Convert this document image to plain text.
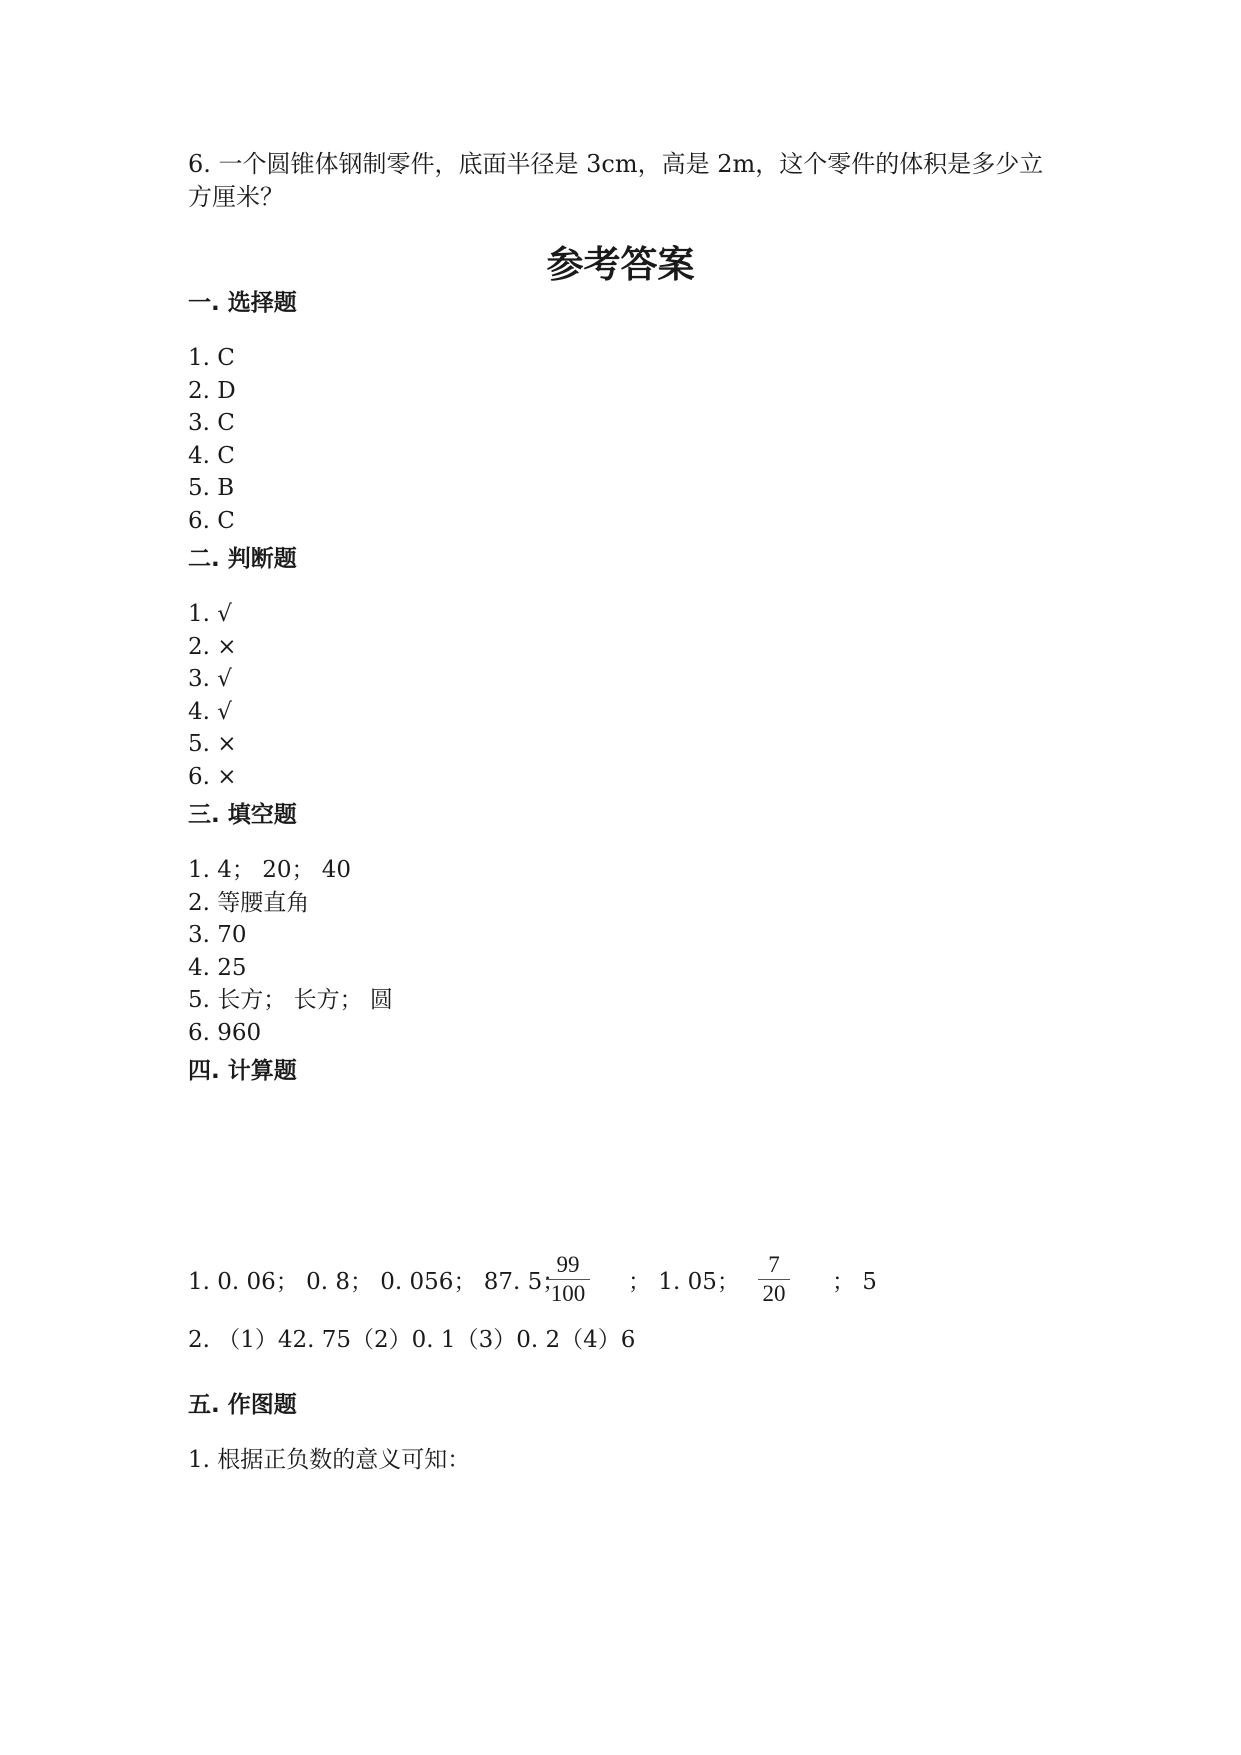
6. 一个圆锥体钢制零件，底面半径是 3cm，高是 2m，这个零件的体积是多少立
方厘米？
参考答案
一. 选择题
1. C
2. D
3. C
4. C
5. B
6. C
二. 判断题
1. √
2. ×
3. √
4. √
5. ×
6. ×
三. 填空题
1. 4； 20； 40
2. 等腰直角
3. 70
4. 25
5. 长方； 长方； 圆
6. 960
四. 计算题
1. 0. 06； 0. 8； 0. 056； 87. 5；
99
100 ； 1. 05；
7
20 ； 5
2. （1）42. 75（2）0. 1（3）0. 2（4）6
五. 作图题
1. 根据正负数的意义可知：
